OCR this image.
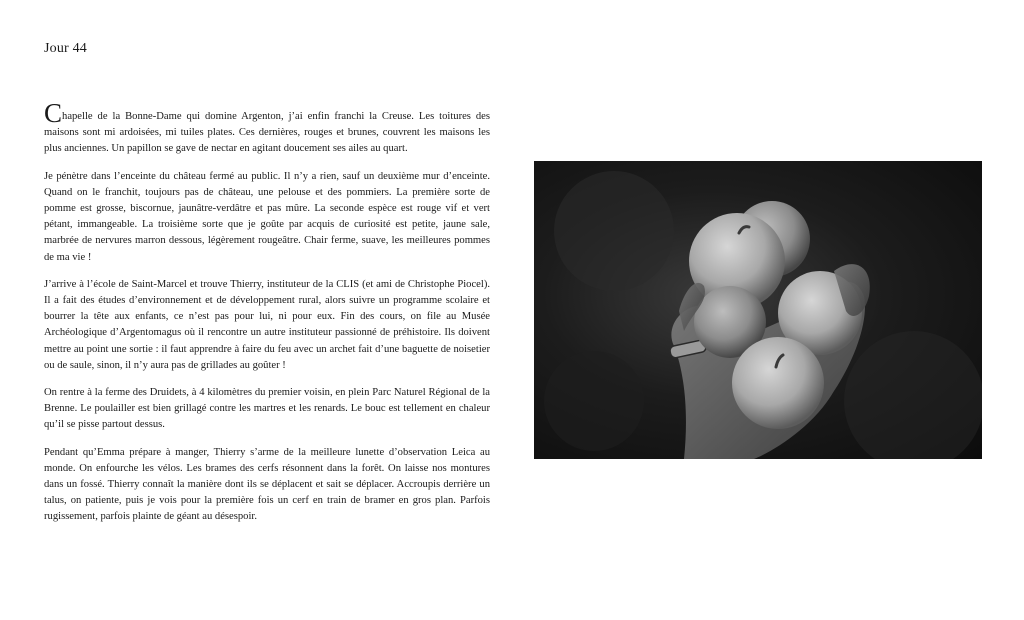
Jour 44

Chapelle de la Bonne-Dame qui domine Argenton, j’ai enfin franchi la Creuse. Les toitures des maisons sont mi ardoisées, mi tuiles plates. Ces dernières, rouges et brunes, couvrent les maisons les plus anciennes. Un papillon se gave de nectar en agitant doucement ses ailes au quart.

Je pénètre dans l’enceinte du château fermé au public. Il n’y a rien, sauf un deuxième mur d’enceinte. Quand on le franchit, toujours pas de château, une pelouse et des pommiers. La première sorte de pomme est grosse, biscornue, jaunâtre-verdâtre et pas mûre. La seconde espèce est rouge vif et vert pétant, immangeable. La troisième sorte que je goûte par acquis de curiosité est petite, jaune sale, marbrée de nervures marron dessous, légèrement rougeâtre. Chair ferme, suave, les meilleures pommes de ma vie !

J’arrive à l’école de Saint-Marcel et trouve Thierry, instituteur de la CLIS (et ami de Christophe Piocel). Il a fait des études d’environnement et de développement rural, alors suivre un programme scolaire et bourrer la tête aux enfants, ce n’est pas pour lui, ni pour eux. Fin des cours, on file au Musée Archéologique d’Argentomagus où il rencontre un autre instituteur passionné de préhistoire. Ils doivent mettre au point une sortie : il faut apprendre à faire du feu avec un archet fait d’une baguette de noisetier ou de saule, sinon, il n’y aura pas de grillades au goûter !

On rentre à la ferme des Druidets, à 4 kilomètres du premier voisin, en plein Parc Naturel Régional de la Brenne. Le poulailler est bien grillagé contre les martres et les renards. Le bouc est tellement en chaleur qu’il se pisse partout dessus.

Pendant qu’Emma prépare à manger, Thierry s’arme de la meilleure lunette d’observation Leica au monde. On enfourche les vélos. Les brames des cerfs résonnent dans la forêt. On laisse nos montures dans un fossé. Thierry connaît la manière dont ils se déplacent et sait se déplacer. Accroupis derrière un talus, on patiente, puis je vois pour la première fois un cerf en train de bramer en gros plan. Parfois rugissement, parfois plainte de géant au désespoir.
